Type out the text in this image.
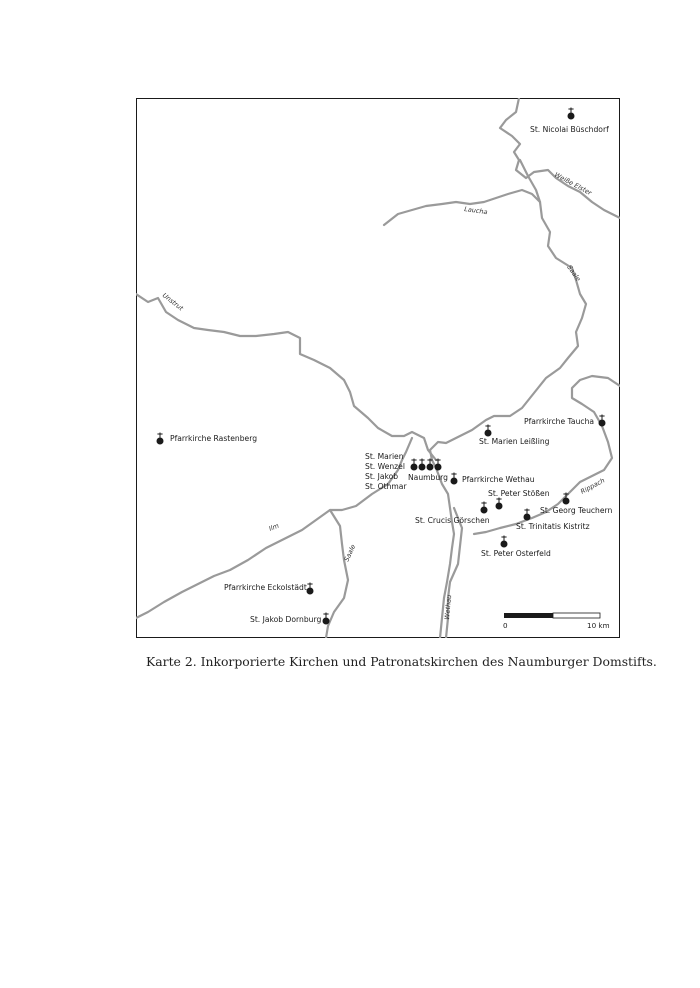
Weiße Elster
Laucha
Saale
Unstrut
Rippach
Ilm
Saale
Wethau
St. Nicolai Büschdorf
Pfarrkirche Rastenberg
Pfarrkirche Taucha
St. Marien Leißling
St. Marien
St. Wenzel
St. Jakob
St. Othmar
Naumburg Pfarrkirche Wethau
St. Peter Stößen
St. Georg Teuchern
St. Crucis Görschen
St. Trinitatis Kistritz
St. Peter Osterfeld
Pfarrkirche Eckolstädt
St. Jakob Dornburg
0	10 km
Karte 2. Inkorporierte Kirchen und Patronatskirchen des Naumburger Domstifts.
